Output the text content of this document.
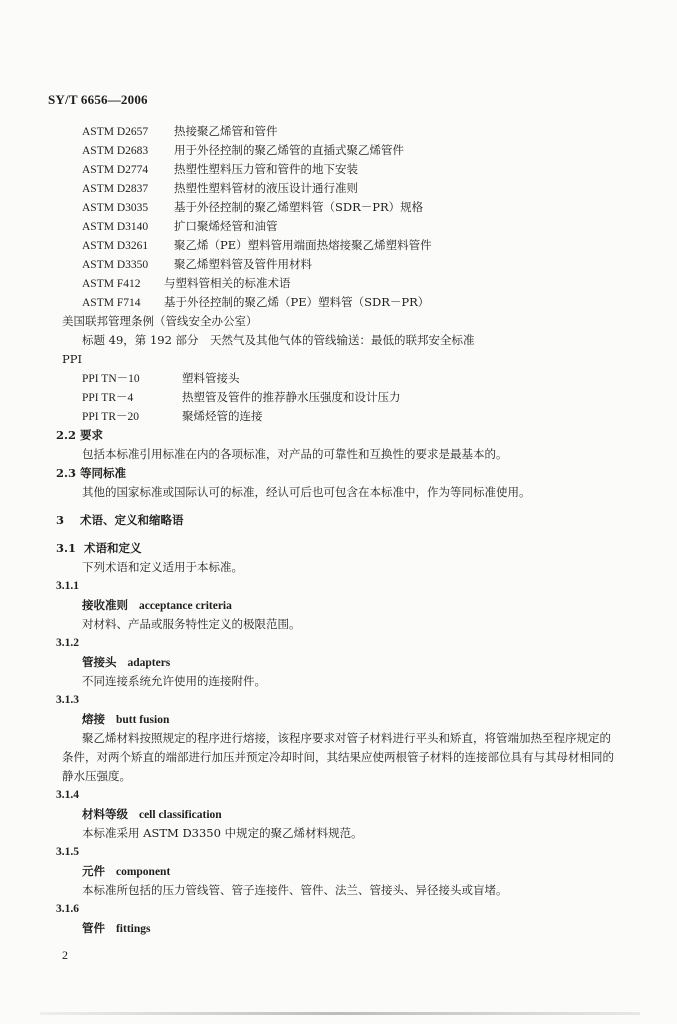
SY/T 6656—2006
ASTM D2657 热接聚乙烯管和管件
ASTM D2683 用于外径控制的聚乙烯管的直插式聚乙烯管件
ASTM D2774 热塑性塑料压力管和管件的地下安装
ASTM D2837 热塑性塑料管材的液压设计通行准则
ASTM D3035 基于外径控制的聚乙烯塑料管（SDR－PR）规格
ASTM D3140 扩口聚烯烃管和油管
ASTM D3261 聚乙烯（PE）塑料管用端面热熔接聚乙烯塑料管件
ASTM D3350 聚乙烯塑料管及管件用材料
ASTM F412 与塑料管相关的标准术语
ASTM F714 基于外径控制的聚乙烯（PE）塑料管（SDR－PR）
美国联邦管理条例（管线安全办公室）
标题 49，第 192 部分　天然气及其他气体的管线输送：最低的联邦安全标准
PPI
PPI TN－10	塑料管接头
PPI TR－4	热塑管及管件的推荐静水压强度和设计压力
PPI TR－20	聚烯烃管的连接
2.2 要求
包括本标准引用标准在内的各项标准，对产品的可靠性和互换性的要求是最基本的。
2.3 等同标准
其他的国家标准或国际认可的标准，经认可后也可包含在本标准中，作为等同标准使用。
3 术语、定义和缩略语
3.1 术语和定义
下列术语和定义适用于本标准。
3.1.1
接收准则 acceptance criteria
对材料、产品或服务特性定义的极限范围。
3.1.2
管接头 adapters
不同连接系统允许使用的连接附件。
3.1.3
熔接 butt fusion
聚乙烯材料按照规定的程序进行熔接，该程序要求对管子材料进行平头和矫直，将管端加热至程序规定的条件，对两个矫直的端部进行加压并预定冷却时间，其结果应使两根管子材料的连接部位具有与其母材相同的静水压强度。
3.1.4
材料等级 cell classification
本标准采用 ASTM D3350 中规定的聚乙烯材料规范。
3.1.5
元件 component
本标准所包括的压力管线管、管子连接件、管件、法兰、管接头、异径接头或盲堵。
3.1.6
管件 fittings
2
